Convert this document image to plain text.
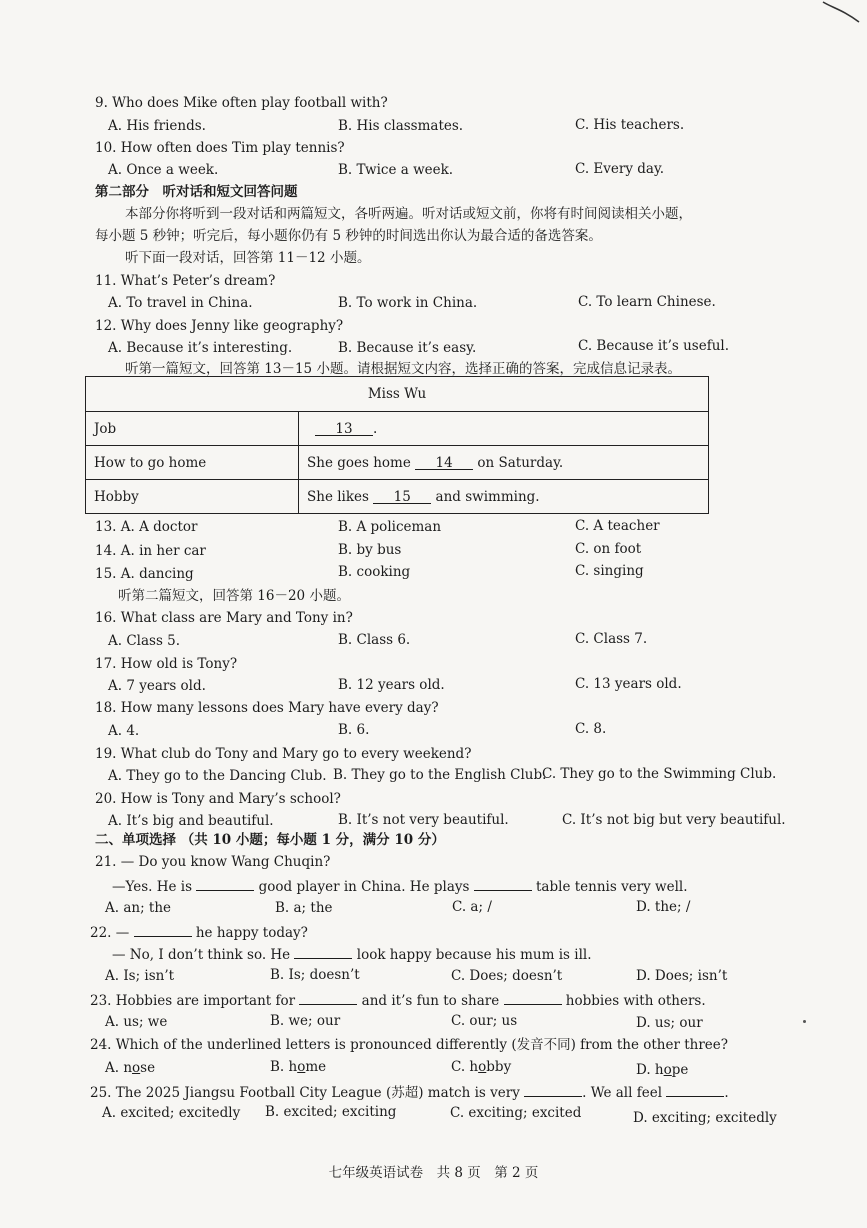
9. Who does Mike often play football with?
A. His friends.	B. His classmates.	C. His teachers.
10. How often does Tim play tennis?
A. Once a week.	B. Twice a week.	C. Every day.
第二部分　听对话和短文回答问题
本部分你将听到一段对话和两篇短文，各听两遍。听对话或短文前，你将有时间阅读相关小题，
每小题 5 秒钟；听完后，每小题你仍有 5 秒钟的时间选出你认为最合适的备选答案。
听下面一段对话，回答第 11－12 小题。
11. What’s Peter’s dream?
A. To travel in China.	B. To work in China.	C. To learn Chinese.
12. Why does Jenny like geography?
A. Because it’s interesting.	B. Because it’s easy.	C. Because it’s useful.
听第一篇短文，回答第 13－15 小题。请根据短文内容，选择正确的答案，完成信息记录表。
Miss Wu	
Job	13 .
How to go home	She goes home 14 on Saturday.
Hobby	She likes 15 and swimming.
13. A. A doctor	B. A policeman	C. A teacher
14. A. in her car	B. by bus	C. on foot
15. A. dancing	B. cooking	C. singing
听第二篇短文，回答第 16－20 小题。
16. What class are Mary and Tony in?
A. Class 5.	B. Class 6.	C. Class 7.
17. How old is Tony?
A. 7 years old.	B. 12 years old.	C. 13 years old.
18. How many lessons does Mary have every day?
A. 4.	B. 6.	C. 8.
19. What club do Tony and Mary go to every weekend?
A. They go to the Dancing Club. B. They go to the English Club.
C. They go to the Swimming Club.
20. How is Tony and Mary’s school?
A. It’s big and beautiful.	B. It’s not very beautiful.	C. It’s not big but very beautiful.
二、单项选择 （共 10 小题；每小题 1 分，满分 10 分）
21. — Do you know Wang Chuqin?
—Yes. He is	good player in China. He plays	table tennis very well.
A. an; the	B. a; the	C. a; /	D. the; /
22. —	he happy today?
— No, I don’t think so. He	look happy because his mum is ill.
A. Is; isn’t	B. Is; doesn’t	C. Does; doesn’t	D. Does; isn’t
23. Hobbies are important for	and it’s fun to share	hobbies with others.
A. us; we	B. we; our	C. our; us	D. us; our
24. Which of the underlined letters is pronounced differently (发音不同) from the other three?
A. nose	B. home	C. hobby	D. hope
25. The 2025 Jiangsu Football City League (苏超) match is very	. We all feel	.
A. excited; excitedly B. excited; exciting	C. exciting; excited	D. exciting; excitedly
七年级英语试卷　共 8 页　第 2 页
